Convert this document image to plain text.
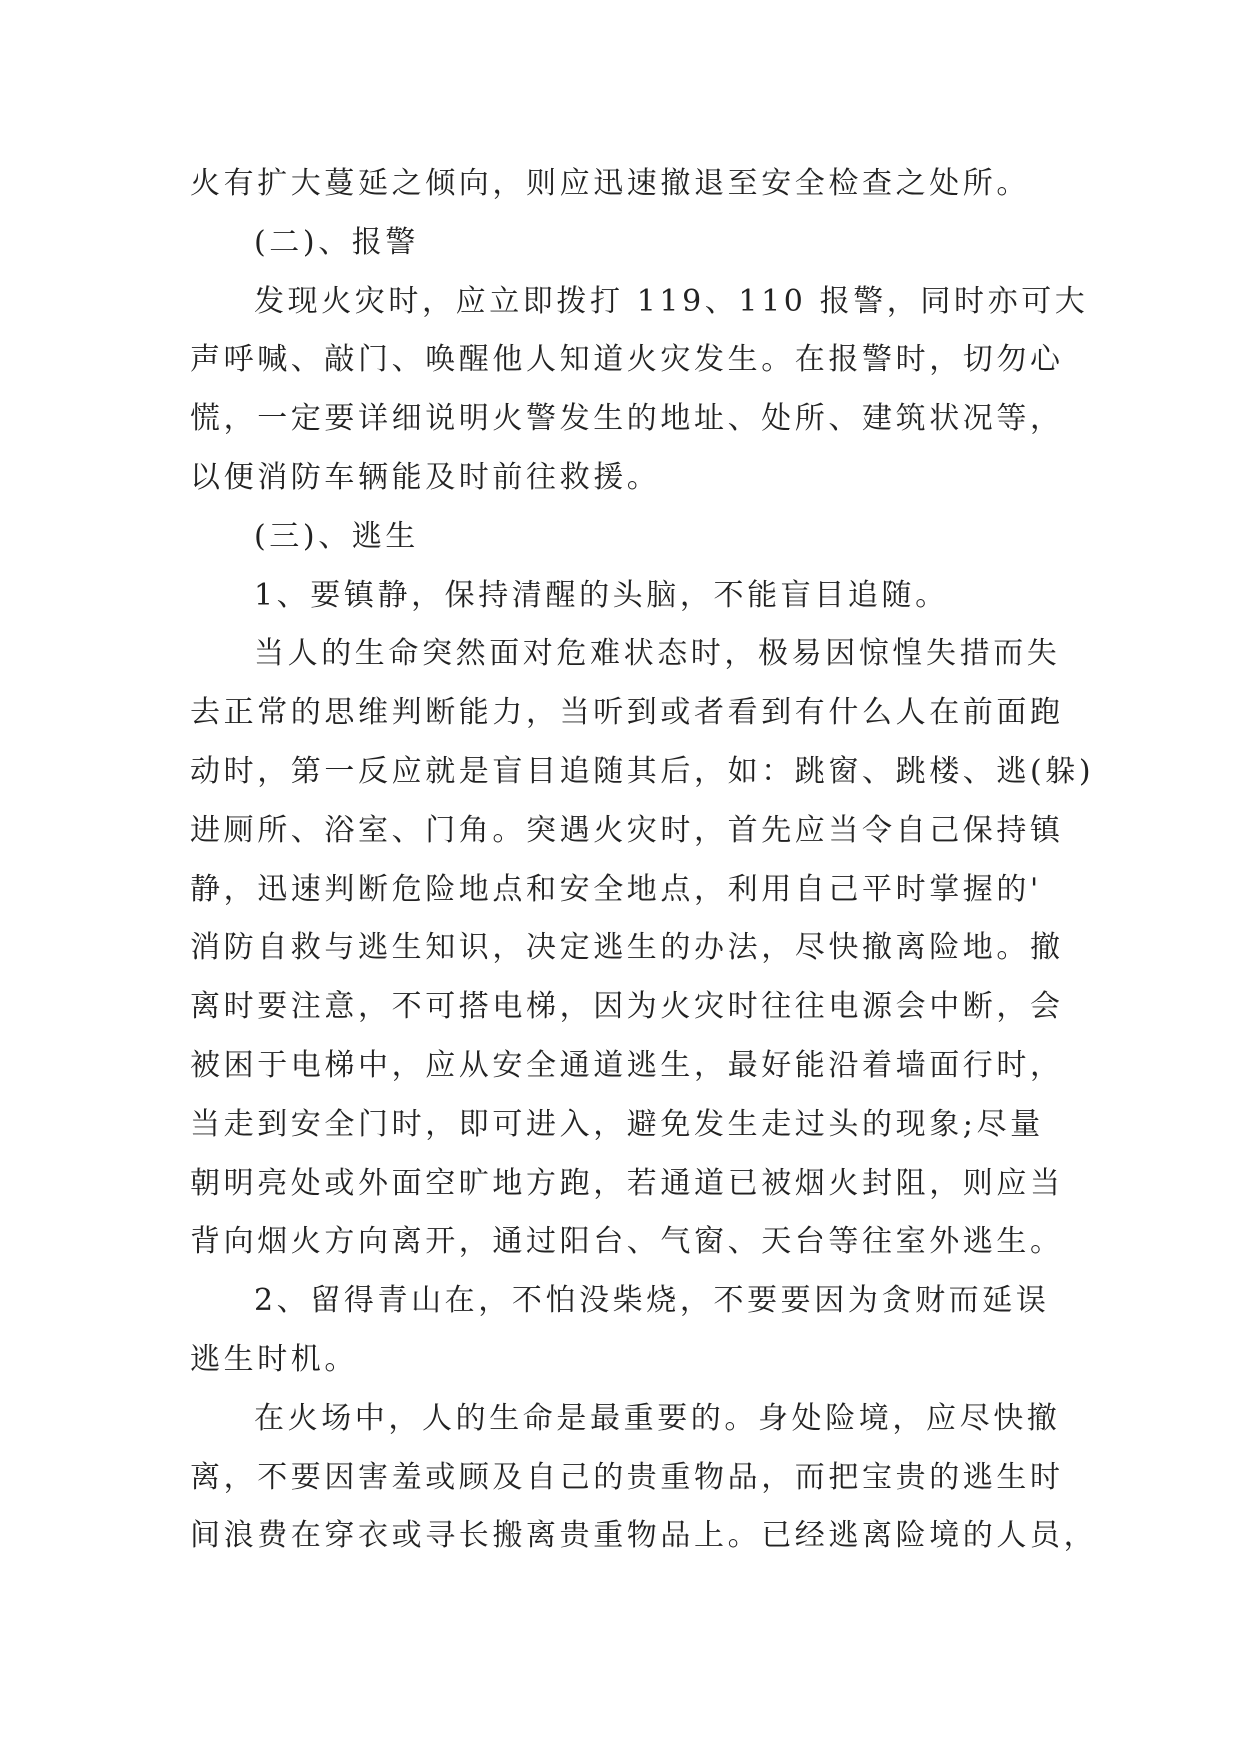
火有扩大蔓延之倾向，则应迅速撤退至安全检查之处所。
(二)、报警
发现火灾时，应立即拨打 119、110 报警，同时亦可大
声呼喊、敲门、唤醒他人知道火灾发生。在报警时，切勿心
慌，一定要详细说明火警发生的地址、处所、建筑状况等，
以便消防车辆能及时前往救援。
(三)、逃生
1、要镇静，保持清醒的头脑，不能盲目追随。
当人的生命突然面对危难状态时，极易因惊惶失措而失
去正常的思维判断能力，当听到或者看到有什么人在前面跑
动时，第一反应就是盲目追随其后，如：跳窗、跳楼、逃(躲)
进厕所、浴室、门角。突遇火灾时，首先应当令自己保持镇
静，迅速判断危险地点和安全地点，利用自己平时掌握的'
消防自救与逃生知识，决定逃生的办法，尽快撤离险地。撤
离时要注意，不可搭电梯，因为火灾时往往电源会中断，会
被困于电梯中，应从安全通道逃生，最好能沿着墙面行时，
当走到安全门时，即可进入，避免发生走过头的现象;尽量
朝明亮处或外面空旷地方跑，若通道已被烟火封阻，则应当
背向烟火方向离开，通过阳台、气窗、天台等往室外逃生。
2、留得青山在，不怕没柴烧，不要要因为贪财而延误
逃生时机。
在火场中，人的生命是最重要的。身处险境，应尽快撤
离，不要因害羞或顾及自己的贵重物品，而把宝贵的逃生时
间浪费在穿衣或寻长搬离贵重物品上。已经逃离险境的人员，
